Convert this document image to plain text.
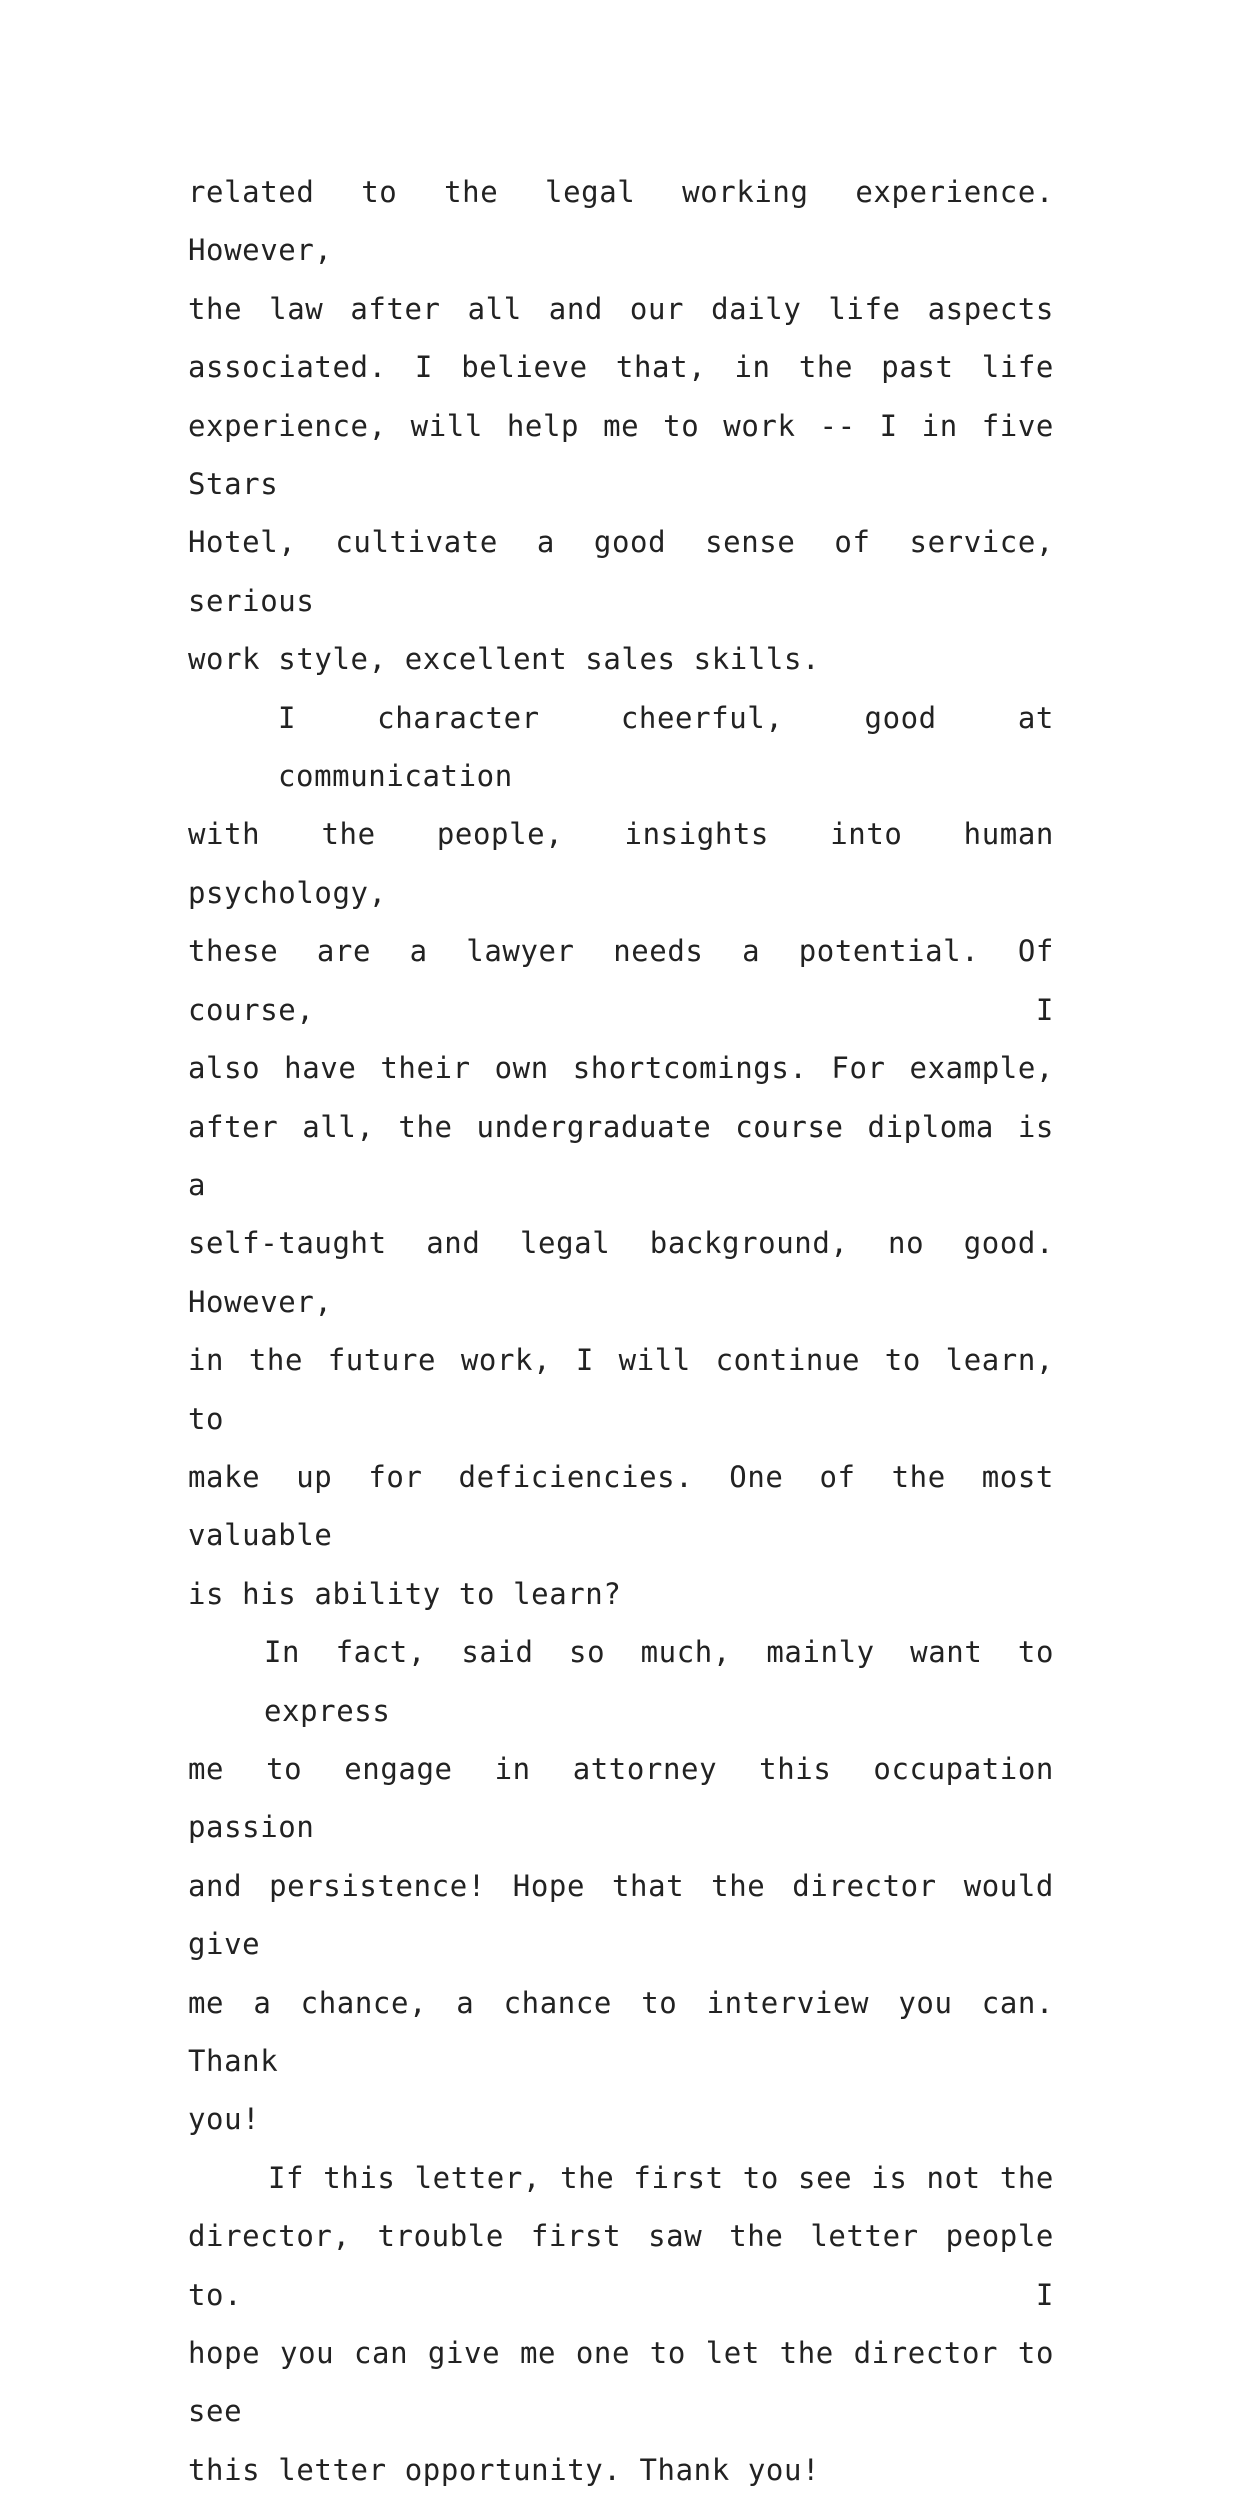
related to the legal working experience. However,
the law after all and our daily life aspects
associated. I believe that, in the past life
experience, will help me to work -- I in five Stars
Hotel, cultivate a good sense of service, serious
work style, excellent sales skills.

I character cheerful, good at communication
with the people, insights into human psychology,
these are a lawyer needs a potential. Of course, I
also have their own shortcomings. For example,
after all, the undergraduate course diploma is a
self-taught and legal background, no good. However,
in the future work, I will continue to learn, to
make up for deficiencies. One of the most valuable
is his ability to learn?

In fact, said so much, mainly want to express
me to engage in attorney this occupation passion
and persistence! Hope that the director would give
me a chance, a chance to interview you can. Thank
you!

If this letter, the first to see is not the
director, trouble first saw the letter people to. I
hope you can give me one to let the director to see
this letter opportunity. Thank you!
